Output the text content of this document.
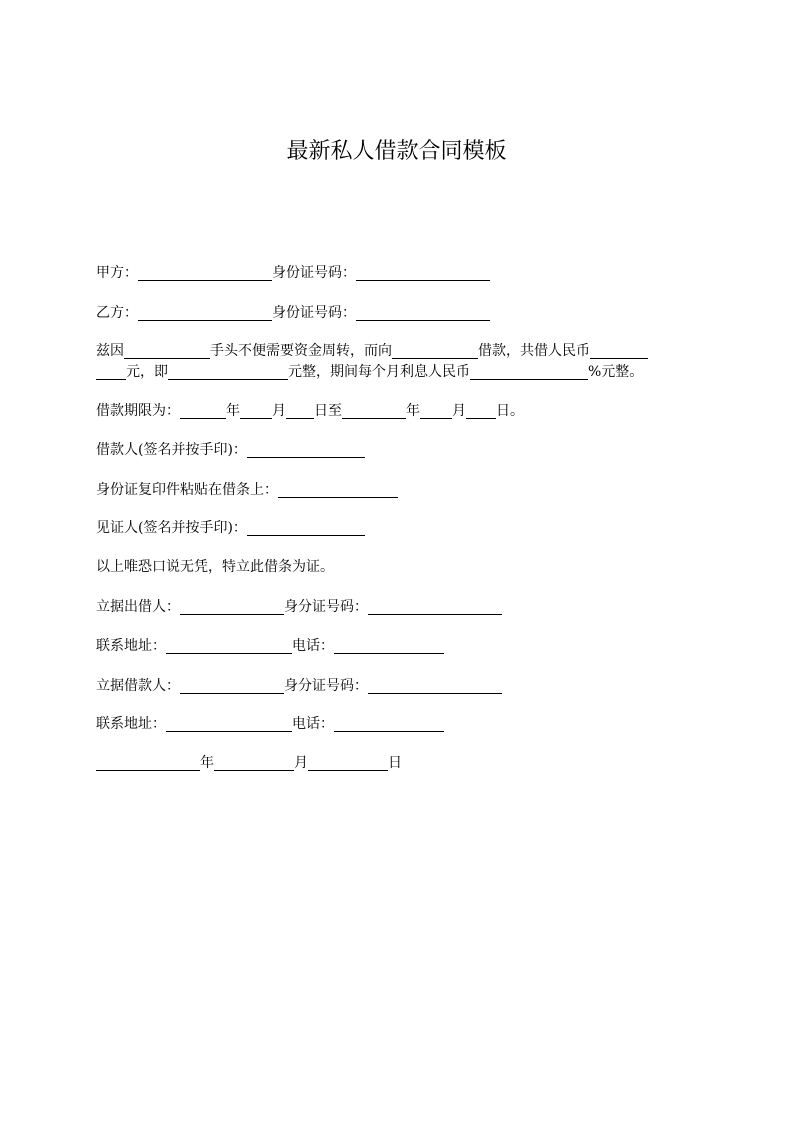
最新私人借款合同模板
甲方：	身份证号码：
乙方：	身份证号码：
兹因	手头不便需要资金周转，而向	借款，共借人民币
元，即	元整，期间每个月利息人民币	%元整。
借款期限为：	年 月 日至	年 月 日。
借款人(签名并按手印)：
身份证复印件粘贴在借条上：
见证人(签名并按手印)：
以上唯恐口说无凭，特立此借条为证。
立据出借人：	身分证号码：
联系地址：	电话：
立据借款人：	身分证号码：
联系地址：	电话：
年	月	日
